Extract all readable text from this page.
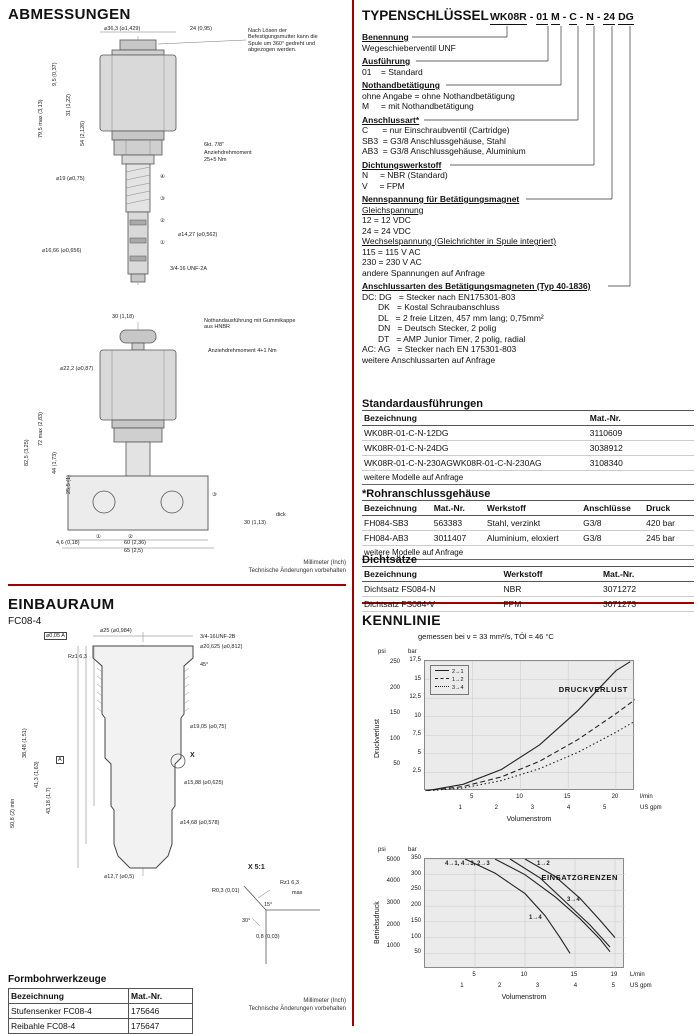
ABMESSUNGEN
⌀36,3 (⌀1,429)	24 (0,95)	Nach Lösen der Befestigungsmutter kann die Spule um 360° gedreht und abgezogen werden.
79,5 max (3,13)
9,5 (0,37)
31 (1,22)
54 (2,126)	6kt. 7/8"
Anziehdrehmoment
25+5 Nm
⌀19 (⌀0,75)	④
③
②
①
⌀14,27 (⌀0,562)
⌀16,66 (⌀0,656)
3/4-16 UNF-2A
Nothandausführung mit Gummikappe aus HNBR
30 (1,18)
Anziehdrehmoment 4+1 Nm
72 max (2,83)
82,5 (3,25)	44 (1,73)
25,5 (1)
⌀22,2 (⌀0,87)
①	②
③
30 (1,13)
dick
4,6 (0,18)	60 (2,36)
65 (2,5)
Millimeter (Inch)
Technische Änderungen vorbehalten
EINBAURAUM
FC08-4
⌀25 (⌀0,984)
3/4-16UNF-2B
⌀20,625 (⌀0,812)
⌀0,05 A
45°
Rz1 6,3
⌀19,05 (⌀0,75)
X
⌀15,88 (⌀0,625)
⌀14,68 (⌀0,578)
A
38,48 (1,51)
41,3 (1,63)
43,18 (1,7)
50,8 (2) min
⌀12,7 (⌀0,5)
X 5:1
Rz1 6,3
R0,3 (0,01)
15°
30°
0,8 (0,03)
max
Formbohrwerkzeuge
Bezeichnung	Mat.-Nr.
Stufensenker FC08-4	175646
Reibahle FC08-4	175647
Millimeter (Inch)
Technische Änderungen vorbehalten
TYPENSCHLÜSSEL WK08R - 01 M - C - N - 24 DG
Benennung
Wegeschieberventil UNF
Ausführung
01    = Standard
Nothandbetätigung
ohne Angabe = ohne Nothandbetätigung
M     = mit Nothandbetätigung
Anschlussart*
C      = nur Einschraubventil (Cartridge)
SB3  = G3/8 Anschlussgehäuse, Stahl
AB3  = G3/8 Anschlussgehäuse, Aluminium
Dichtungswerkstoff
N     = NBR (Standard)
V     = FPM
Nennspannung für Betätigungsmagnet
Gleichspannung
12 = 12 VDC
24 = 24 VDC
Wechselspannung (Gleichrichter in Spule integriert)
115 = 115 V AC
230 = 230 V AC
andere Spannungen auf Anfrage
Anschlussarten des Betätigungsmagneten (Typ 40-1836)
DC: DG   = Stecker nach EN175301-803
DK   = Kostal Schraubanschluss
DL   = 2 freie Litzen, 457 mm lang; 0,75mm²
DN   = Deutsch Stecker, 2 polig
DT   = AMP Junior Timer, 2 polig, radial
AC: AG   = Stecker nach EN 175301-803
weitere Anschlussarten auf Anfrage
Standardausführungen
Bezeichnung	Mat.-Nr.
WK08R-01-C-N-12DG	3110609
WK08R-01-C-N-24DG	3038912
WK08R-01-C-N-230AGWK08R-01-C-N-230AG	3108340
weitere Modelle auf Anfrage
*Rohranschlussgehäuse
Bezeichnung	Mat.-Nr.	Werkstoff	Anschlüsse	Druck
FH084-SB3	563383	Stahl, verzinkt	G3/8	420 bar
FH084-AB3	3011407	Aluminium, eloxiert	G3/8	245 bar
weitere Modelle auf Anfrage
Dichtsätze
Bezeichnung	Werkstoff	Mat.-Nr.
Dichtsatz FS084-N	NBR	3071272
Dichtsatz FS084-V	FPM	3071273
KENNLINIE
gemessen bei ν = 33 mm²/s, TÖl = 46 °C
psi	bar
Druckverlust
50
100
150
200
250
2,5
5
7,5
10
12,5
15
17,5
DRUCKVERLUST
2→1
1→2
3→4
5	10	15	20	l/min
1	2	3	4	5	US gpm
Volumenstrom
psi	bar
Betriebsdruck
1000
2000
3000
4000
5000
50
100
150
200
250
300
350
EINSATZGRENZEN
4→1, 4→3, 2→3	1→2
3→4
1→4
5	10	15	19 L/min
1	2	3	4	5	US gpm
Volumenstrom
